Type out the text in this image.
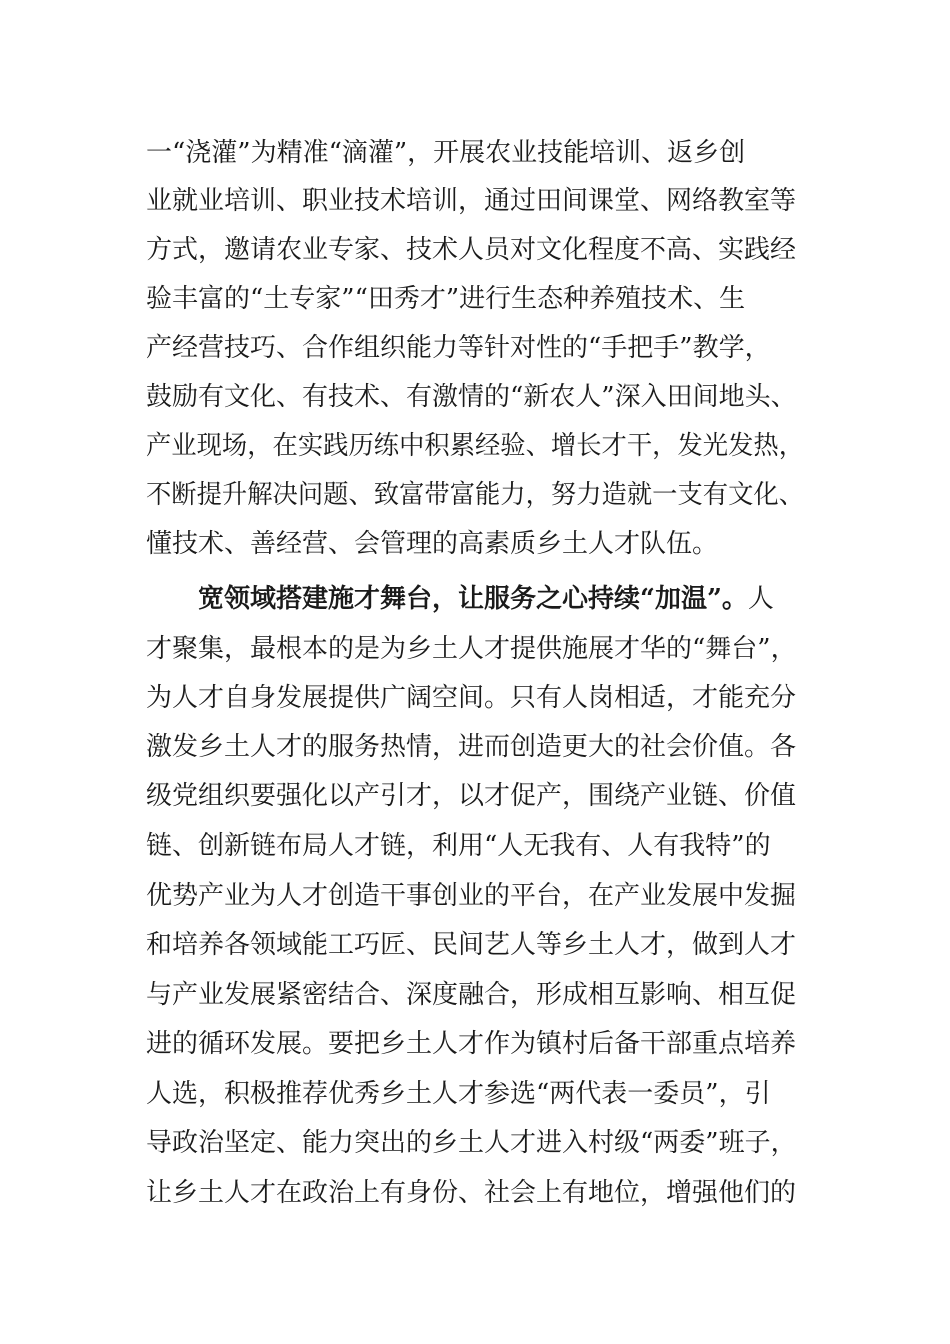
一“浇灌”为精准“滴灌”，开展农业技能培训、返乡创
业就业培训、职业技术培训，通过田间课堂、网络教室等
方式，邀请农业专家、技术人员对文化程度不高、实践经
验丰富的“土专家”“田秀才”进行生态种养殖技术、生
产经营技巧、合作组织能力等针对性的“手把手”教学，
鼓励有文化、有技术、有激情的“新农人”深入田间地头、
产业现场，在实践历练中积累经验、增长才干，发光发热，
不断提升解决问题、致富带富能力，努力造就一支有文化、
懂技术、善经营、会管理的高素质乡土人才队伍。
宽领域搭建施才舞台，让服务之心持续“加温”。人
才聚集，最根本的是为乡土人才提供施展才华的“舞台”，
为人才自身发展提供广阔空间。只有人岗相适，才能充分
激发乡土人才的服务热情，进而创造更大的社会价值。各
级党组织要强化以产引才，以才促产，围绕产业链、价值
链、创新链布局人才链，利用“人无我有、人有我特”的
优势产业为人才创造干事创业的平台，在产业发展中发掘
和培养各领域能工巧匠、民间艺人等乡土人才，做到人才
与产业发展紧密结合、深度融合，形成相互影响、相互促
进的循环发展。要把乡土人才作为镇村后备干部重点培养
人选，积极推荐优秀乡土人才参选“两代表一委员”，引
导政治坚定、能力突出的乡土人才进入村级“两委”班子，
让乡土人才在政治上有身份、社会上有地位，增强他们的
